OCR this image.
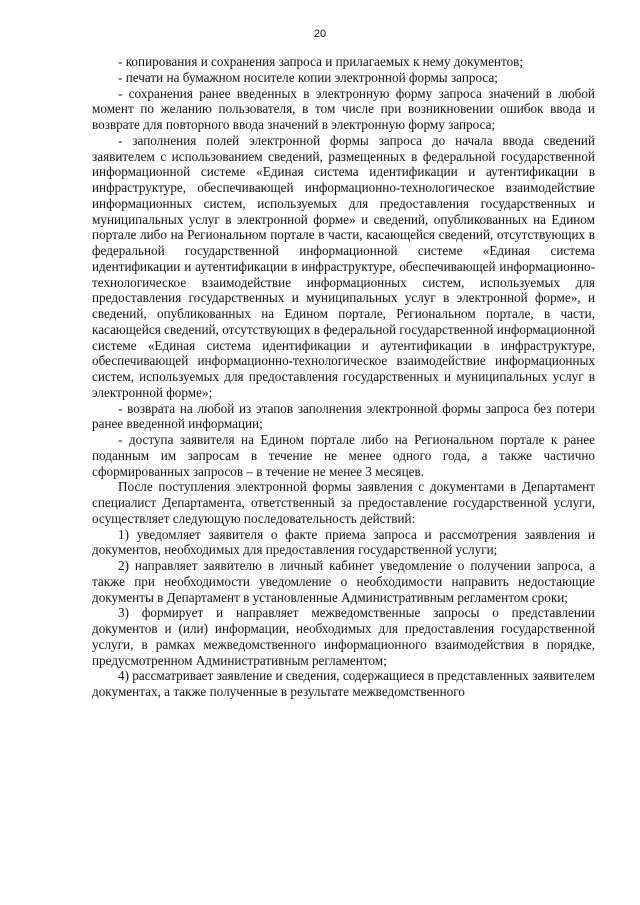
20

- копирования и сохранения запроса и прилагаемых к нему документов;

- печати на бумажном носителе копии электронной формы запроса;

- сохранения ранее введенных в электронную форму запроса значений в любой момент по желанию пользователя, в том числе при возникновении ошибок ввода и возврате для повторного ввода значений в электронную форму запроса;

- заполнения полей электронной формы запроса до начала ввода сведений заявителем с использованием сведений, размещенных в федеральной государственной информационной системе «Единая система идентификации и аутентификации в инфраструктуре, обеспечивающей информационно-технологическое взаимодействие информационных систем, используемых для предоставления государственных и муниципальных услуг в электронной форме» и сведений, опубликованных на Едином портале либо на Региональном портале в части, касающейся сведений, отсутствующих в федеральной государственной информационной системе «Единая система идентификации и аутентификации в инфраструктуре, обеспечивающей информационно-технологическое взаимодействие информационных систем, используемых для предоставления государственных и муниципальных услуг в электронной форме», и сведений, опубликованных на Едином портале, Региональном портале, в части, касающейся сведений, отсутствующих в федеральной государственной информационной системе «Единая система идентификации и аутентификации в инфраструктуре, обеспечивающей информационно-технологическое взаимодействие информационных систем, используемых для предоставления государственных и муниципальных услуг в электронной форме»;

- возврата на любой из этапов заполнения электронной формы запроса без потери ранее введенной информации;

- доступа заявителя на Едином портале либо на Региональном портале к ранее поданным им запросам в течение не менее одного года, а также частично сформированных запросов – в течение не менее 3 месяцев.

После поступления электронной формы заявления с документами в Департамент специалист Департамента, ответственный за предоставление государственной услуги, осуществляет следующую последовательность действий:

1) уведомляет заявителя о факте приема запроса и рассмотрения заявления и документов, необходимых для предоставления государственной услуги;

2) направляет заявителю в личный кабинет уведомление о получении запроса, а также при необходимости уведомление о необходимости направить недостающие документы в Департамент в установленные Административным регламентом сроки;

3) формирует и направляет межведомственные запросы о представлении документов и (или) информации, необходимых для предоставления государственной услуги, в рамках межведомственного информационного взаимодействия в порядке, предусмотренном Административным регламентом;

4) рассматривает заявление и сведения, содержащиеся в представленных заявителем документах, а также полученные в результате межведомственного
